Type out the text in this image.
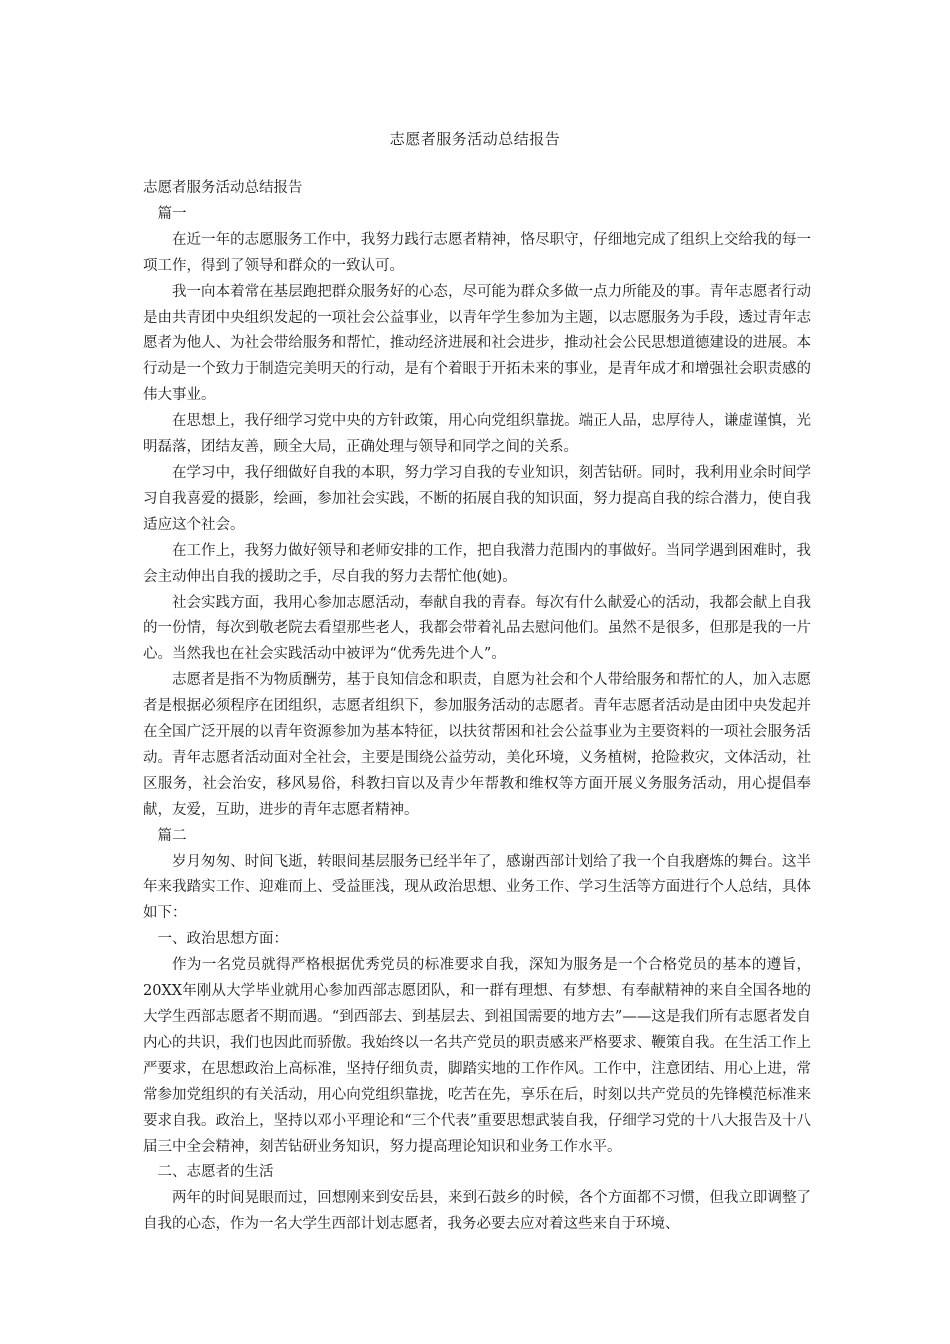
志愿者服务活动总结报告

志愿者服务活动总结报告

篇一

在近一年的志愿服务工作中，我努力践行志愿者精神，恪尽职守，仔细地完成了组织上交给我的每一项工作，得到了领导和群众的一致认可。

我一向本着常在基层跑把群众服务好的心态，尽可能为群众多做一点力所能及的事。青年志愿者行动是由共青团中央组织发起的一项社会公益事业，以青年学生参加为主题，以志愿服务为手段，透过青年志愿者为他人、为社会带给服务和帮忙，推动经济进展和社会进步，推动社会公民思想道德建设的进展。本行动是一个致力于制造完美明天的行动，是有个着眼于开拓未来的事业，是青年成才和增强社会职责感的伟大事业。

在思想上，我仔细学习党中央的方针政策，用心向党组织靠拢。端正人品，忠厚待人，谦虚谨慎，光明磊落，团结友善，顾全大局，正确处理与领导和同学之间的关系。

在学习中，我仔细做好自我的本职，努力学习自我的专业知识，刻苦钻研。同时，我利用业余时间学习自我喜爱的摄影，绘画，参加社会实践，不断的拓展自我的知识面，努力提高自我的综合潜力，使自我适应这个社会。

在工作上，我努力做好领导和老师安排的工作，把自我潜力范围内的事做好。当同学遇到困难时，我会主动伸出自我的援助之手，尽自我的努力去帮忙他(她)。

社会实践方面，我用心参加志愿活动，奉献自我的青春。每次有什么献爱心的活动，我都会献上自我的一份情，每次到敬老院去看望那些老人，我都会带着礼品去慰问他们。虽然不是很多，但那是我的一片心。当然我也在社会实践活动中被评为“优秀先进个人”。

志愿者是指不为物质酬劳，基于良知信念和职责，自愿为社会和个人带给服务和帮忙的人，加入志愿者是根据必须程序在团组织，志愿者组织下，参加服务活动的志愿者。青年志愿者活动是由团中央发起并在全国广泛开展的以青年资源参加为基本特征，以扶贫帮困和社会公益事业为主要资料的一项社会服务活动。青年志愿者活动面对全社会，主要是围绕公益劳动，美化环境，义务植树，抢险救灾，文体活动，社区服务，社会治安，移风易俗，科教扫盲以及青少年帮教和维权等方面开展义务服务活动，用心提倡奉献，友爱，互助，进步的青年志愿者精神。

篇二

岁月匆匆、时间飞逝，转眼间基层服务已经半年了，感谢西部计划给了我一个自我磨炼的舞台。这半年来我踏实工作、迎难而上、受益匪浅，现从政治思想、业务工作、学习生活等方面进行个人总结，具体如下：

一、政治思想方面：

作为一名党员就得严格根据优秀党员的标准要求自我，深知为服务是一个合格党员的基本的遵旨，20XX年刚从大学毕业就用心参加西部志愿团队，和一群有理想、有梦想、有奉献精神的来自全国各地的大学生西部志愿者不期而遇。“到西部去、到基层去、到祖国需要的地方去”——这是我们所有志愿者发自内心的共识，我们也因此而骄傲。我始终以一名共产党员的职责感来严格要求、鞭策自我。在生活工作上严要求，在思想政治上高标准，坚持仔细负责，脚踏实地的工作作风。工作中，注意团结、用心上进，常常参加党组织的有关活动，用心向党组织靠拢，吃苦在先，享乐在后，时刻以共产党员的先锋模范标准来要求自我。政治上，坚持以邓小平理论和“三个代表”重要思想武装自我，仔细学习党的十八大报告及十八届三中全会精神，刻苦钻研业务知识，努力提高理论知识和业务工作水平。

二、志愿者的生活

两年的时间晃眼而过，回想刚来到安岳县，来到石鼓乡的时候，各个方面都不习惯，但我立即调整了自我的心态，作为一名大学生西部计划志愿者，我务必要去应对着这些来自于环境、
